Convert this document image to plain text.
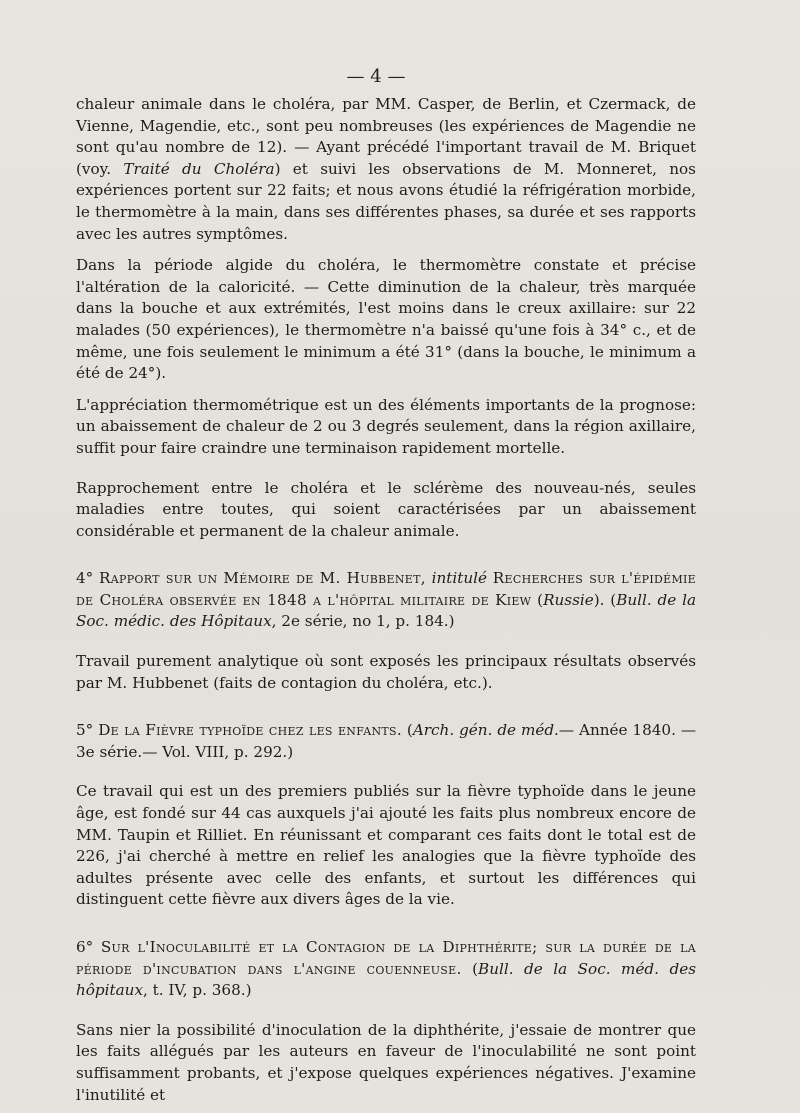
— 4 —

chaleur animale dans le choléra, par MM. Casper, de Berlin, et Czermack, de Vienne, Magendie, etc., sont peu nombreuses (les expériences de Magendie ne sont qu'au nombre de 12). — Ayant précédé l'important travail de M. Briquet (voy. Traité du Choléra) et suivi les observations de M. Monneret, nos expériences portent sur 22 faits; et nous avons étudié la réfrigération morbide, le thermomètre à la main, dans ses différentes phases, sa durée et ses rapports avec les autres symptômes.

Dans la période algide du choléra, le thermomètre constate et précise l'altération de la caloricité. — Cette diminution de la chaleur, très marquée dans la bouche et aux extrémités, l'est moins dans le creux axillaire: sur 22 malades (50 expériences), le thermomètre n'a baissé qu'une fois à 34° c., et de même, une fois seulement le minimum a été 31° (dans la bouche, le minimum a été de 24°).

L'appréciation thermométrique est un des éléments importants de la prognose: un abaissement de chaleur de 2 ou 3 degrés seulement, dans la région axillaire, suffit pour faire craindre une terminaison rapidement mortelle.

Rapprochement entre le choléra et le sclérème des nouveau-nés, seules maladies entre toutes, qui soient caractérisées par un abaissement considérable et permanent de la chaleur animale.

4° Rapport sur un Mémoire de M. Hubbenet, intitulé Recherches sur l'épidémie de Choléra observée en 1848 a l'hôpital militaire de Kiew (Russie). (Bull. de la Soc. médic. des Hôpitaux, 2e série, no 1, p. 184.)

Travail purement analytique où sont exposés les principaux résultats observés par M. Hubbenet (faits de contagion du choléra, etc.).

5° De la Fièvre typhoïde chez les enfants. (Arch. gén. de méd.— Année 1840. — 3e série.— Vol. VIII, p. 292.)

Ce travail qui est un des premiers publiés sur la fièvre typhoïde dans le jeune âge, est fondé sur 44 cas auxquels j'ai ajouté les faits plus nombreux encore de MM. Taupin et Rilliet. En réunissant et comparant ces faits dont le total est de 226, j'ai cherché à mettre en relief les analogies que la fièvre typhoïde des adultes présente avec celle des enfants, et surtout les différences qui distinguent cette fièvre aux divers âges de la vie.

6° Sur l'Inoculabilité et la Contagion de la Diphthérite; sur la durée de la période d'incubation dans l'angine couenneuse. (Bull. de la Soc. méd. des hôpitaux, t. IV, p. 368.)

Sans nier la possibilité d'inoculation de la diphthérite, j'essaie de montrer que les faits allégués par les auteurs en faveur de l'inoculabilité ne sont point suffisamment probants, et j'expose quelques expériences négatives. J'examine l'inutilité et
